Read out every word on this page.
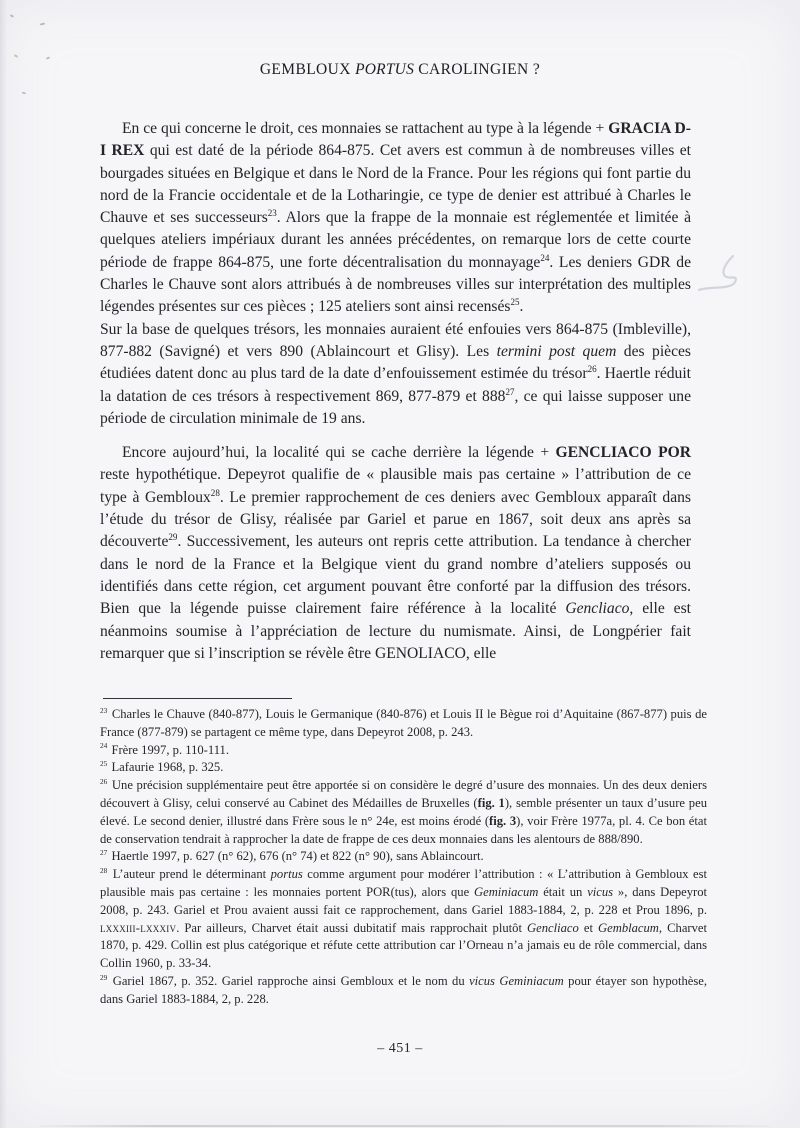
GEMBLOUX PORTUS CAROLINGIEN ?

En ce qui concerne le droit, ces monnaies se rattachent au type à la légende + GRACIA D-I REX qui est daté de la période 864-875. Cet avers est commun à de nombreuses villes et bourgades situées en Belgique et dans le Nord de la France. Pour les régions qui font partie du nord de la Francie occidentale et de la Lotharingie, ce type de denier est attribué à Charles le Chauve et ses successeurs$^{23}$. Alors que la frappe de la monnaie est réglementée et limitée à quelques ateliers impériaux durant les années précédentes, on remarque lors de cette courte période de frappe 864-875, une forte décentralisation du monnayage$^{24}$. Les deniers GDR de Charles le Chauve sont alors attribués à de nombreuses villes sur interprétation des multiples légendes présentes sur ces pièces ; 125 ateliers sont ainsi recensés$^{25}$.

Sur la base de quelques trésors, les monnaies auraient été enfouies vers 864-875 (Imbleville), 877-882 (Savigné) et vers 890 (Ablaincourt et Glisy). Les termini post quem des pièces étudiées datent donc au plus tard de la date d’enfouissement estimée du trésor$^{26}$. Haertle réduit la datation de ces trésors à respectivement 869, 877-879 et $888^{27}$, ce qui laisse supposer une période de circulation minimale de 19 ans.

Encore aujourd’hui, la localité qui se cache derrière la légende + GENCLIACO POR reste hypothétique. Depeyrot qualifie de « plausible mais pas certaine » l’attribution de ce type à Gembloux$^{28}$. Le premier rapprochement de ces deniers avec Gembloux apparaît dans l’étude du trésor de Glisy, réalisée par Gariel et parue en 1867, soit deux ans après sa découverte$^{29}$. Successivement, les auteurs ont repris cette attribution. La tendance à chercher dans le nord de la France et la Belgique vient du grand nombre d’ateliers supposés ou identifiés dans cette région, cet argument pouvant être conforté par la diffusion des trésors. Bien que la légende puisse clairement faire référence à la localité Gencliaco, elle est néanmoins soumise à l’appréciation de lecture du numismate. Ainsi, de Longpérier fait remarquer que si l’inscription se révèle être GENOLIACO, elle

$^{23}$ Charles le Chauve (840-877), Louis le Germanique (840-876) et Louis II le Bègue roi d’Aquitaine (867-877) puis de France (877-879) se partagent ce même type, dans Depeyrot 2008, p. 243.
$^{24}$ Frère 1997, p. 110-111.
$^{25}$ Lafaurie 1968, p. 325.
$^{26}$ Une précision supplémentaire peut être apportée si on considère le degré d’usure des monnaies. Un des deux deniers découvert à Glisy, celui conservé au Cabinet des Médailles de Bruxelles (fig. 1), semble présenter un taux d’usure peu élevé. Le second denier, illustré dans Frère sous le n° 24e, est moins érodé (fig. 3), voir Frère 1977a, pl. 4. Ce bon état de conservation tendrait à rapprocher la date de frappe de ces deux monnaies dans les alentours de 888/890.
$^{27}$ Haertle 1997, p. 627 (n° 62), 676 (n° 74) et 822 (n° 90), sans Ablaincourt.
$^{28}$ L’auteur prend le déterminant portus comme argument pour modérer l’attribution : « L’attribution à Gembloux est plausible mais pas certaine : les monnaies portent POR(tus), alors que Geminiacum était un vicus », dans Depeyrot 2008, p. 243. Gariel et Prou avaient aussi fait ce rapprochement, dans Gariel 1883-1884, 2, p. 228 et Prou 1896, p. lxxxiii-lxxxiv. Par ailleurs, Charvet était aussi dubitatif mais rapprochait plutôt Gencliaco et Gemblacum, Charvet 1870, p. 429. Collin est plus catégorique et réfute cette attribution car l’Orneau n’a jamais eu de rôle commercial, dans Collin 1960, p. 33-34.
$^{29}$ Gariel 1867, p. 352. Gariel rapproche ainsi Gembloux et le nom du vicus Geminiacum pour étayer son hypothèse, dans Gariel 1883-1884, 2, p. 228.
– 451 –
